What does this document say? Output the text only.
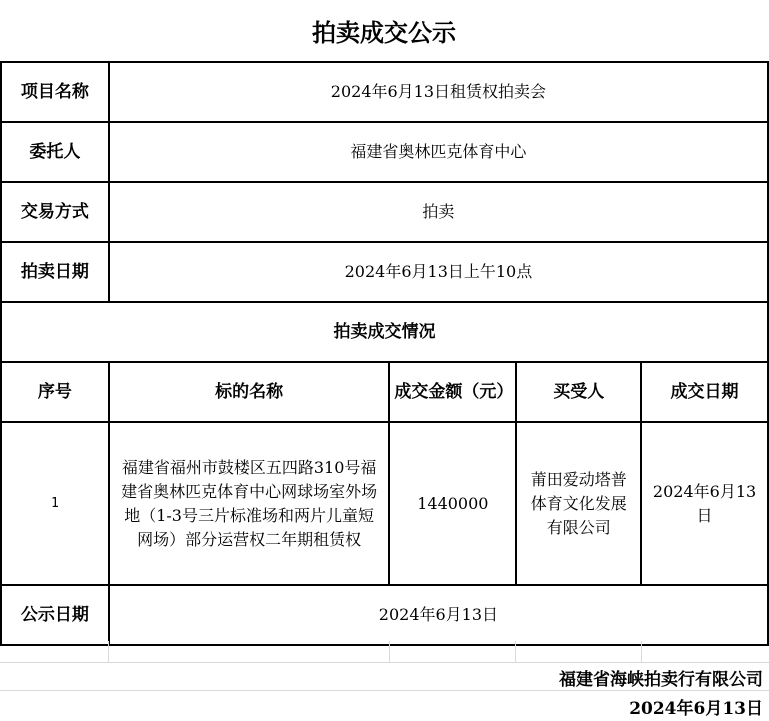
拍卖成交公示
项目名称	2024年6月13日租赁权拍卖会			
委托人	福建省奥林匹克体育中心			
交易方式	拍卖			
拍卖日期	2024年6月13日上午10点			
拍卖成交情况				
序号	标的名称	成交金额（元）	买受人	成交日期
1	福建省福州市鼓楼区五四路310号福建省奥林匹克体育中心网球场室外场地（1-3号三片标准场和两片儿童短网场）部分运营权二年期租赁权	1440000	莆田爱动塔普体育文化发展有限公司	2024年6月13日
公示日期	2024年6月13日			
福建省海峡拍卖行有限公司
2024年6月13日
